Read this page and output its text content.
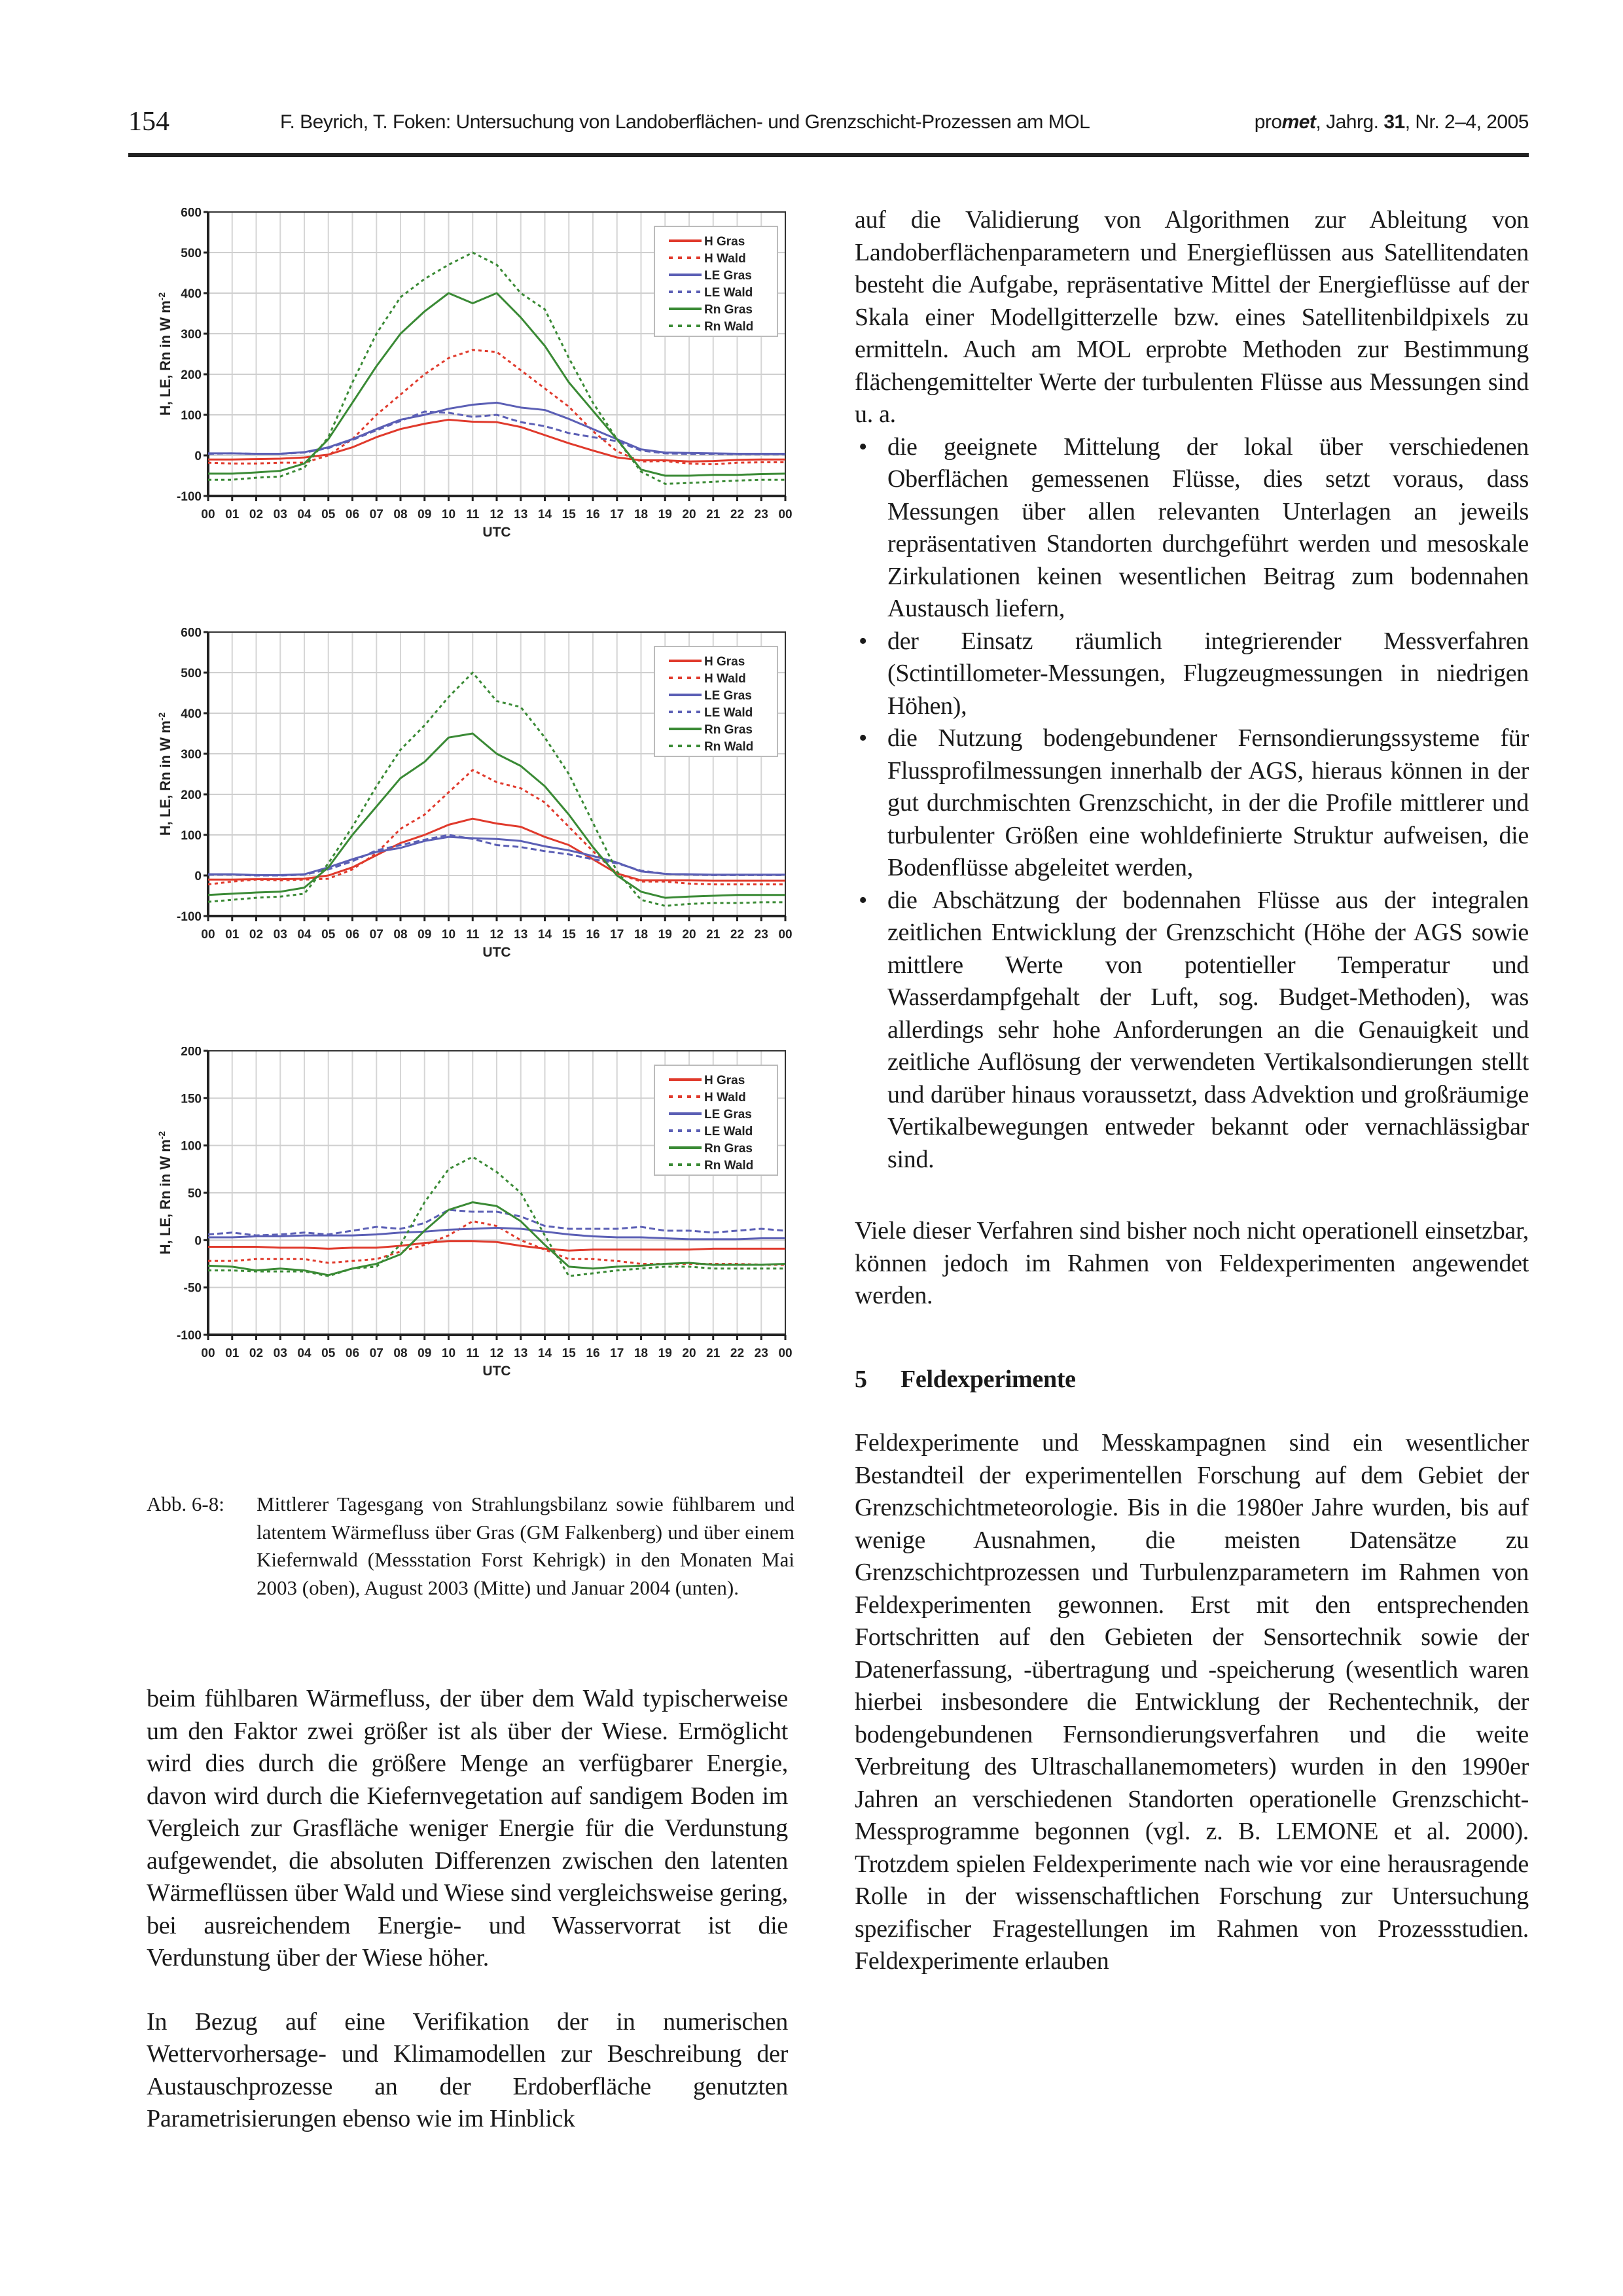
154	F. Beyrich, T. Foken: Untersuchung von Landoberflächen- und Grenzschicht-Prozessen am MOL	promet, Jahrg. 31, Nr. 2–4, 2005
-100
0
100
200
300
400
500
600
00 01 02 03 04 05 06 07 08 09 10 11 12 13 14 15 16 17 18 19 20 21 22 23 00
UTC
H, LE, Rn in W $m^{-2}$
H Gras
H Wald
LE Gras
LE Wald
Rn Gras
Rn Wald
-100
0
100
200
300
400
500
600
00 01 02 03 04 05 06 07 08 09 10 11 12 13 14 15 16 17 18 19 20 21 22 23 00
UTC
H, LE, Rn in W $m^{-2}$
H Gras
H Wald
LE Gras
LE Wald
Rn Gras
Rn Wald
-100
-50
0
50
100
150
200
00 01 02 03 04 05 06 07 08 09 10 11 12 13 14 15 16 17 18 19 20 21 22 23 00
UTC
H, LE, Rn in W $m^{-2}$
H Gras
H Wald
LE Gras
LE Wald
Rn Gras
Rn Wald
Abb. 6-8: Mittlerer Tagesgang von Strahlungsbilanz sowie fühlbarem und latentem Wärmefluss über Gras (GM Falkenberg) und über einem Kiefernwald (Messstation Forst Kehrigk) in den Monaten Mai 2003 (oben), August 2003 (Mitte) und Januar 2004 (unten).

beim fühlbaren Wärmefluss, der über dem Wald typischerweise um den Faktor zwei größer ist als über der Wiese. Ermöglicht wird dies durch die größere Menge an verfügbarer Energie, davon wird durch die Kiefernvegetation auf sandigem Boden im Vergleich zur Grasfläche weniger Energie für die Verdunstung aufgewendet, die absoluten Differenzen zwischen den latenten Wärmeflüssen über Wald und Wiese sind vergleichsweise gering, bei ausreichendem Energie- und Wasservorrat ist die Verdunstung über der Wiese höher.

In Bezug auf eine Verifikation der in numerischen Wettervorhersage- und Klimamodellen zur Beschreibung der Austauschprozesse an der Erdoberfläche genutzten Parametrisierungen ebenso wie im Hinblick

auf die Validierung von Algorithmen zur Ableitung von Landoberflächenparametern und Energieflüssen aus Satellitendaten besteht die Aufgabe, repräsentative Mittel der Energieflüsse auf der Skala einer Modellgitterzelle bzw. eines Satellitenbildpixels zu ermitteln. Auch am MOL erprobte Methoden zur Bestimmung flächengemittelter Werte der turbulenten Flüsse aus Messungen sind u. a.

• die geeignete Mittelung der lokal über verschiedenen Oberflächen gemessenen Flüsse, dies setzt voraus, dass Messungen über allen relevanten Unterlagen an jeweils repräsentativen Standorten durchgeführt werden und mesoskale Zirkulationen keinen wesentlichen Beitrag zum bodennahen Austausch liefern,
• der Einsatz räumlich integrierender Messverfahren (Sctintillometer-Messungen, Flugzeugmessungen in niedrigen Höhen),
• die Nutzung bodengebundener Fernsondierungssysteme für Flussprofilmessungen innerhalb der AGS, hieraus können in der gut durchmischten Grenzschicht, in der die Profile mittlerer und turbulenter Größen eine wohldefinierte Struktur aufweisen, die Bodenflüsse abgeleitet werden,
• die Abschätzung der bodennahen Flüsse aus der integralen zeitlichen Entwicklung der Grenzschicht (Höhe der AGS sowie mittlere Werte von potentieller Temperatur und Wasserdampfgehalt der Luft, sog. Budget-Methoden), was allerdings sehr hohe Anforderungen an die Genauigkeit und zeitliche Auflösung der verwendeten Vertikalsondierungen stellt und darüber hinaus voraussetzt, dass Advektion und großräumige Vertikalbewegungen entweder bekannt oder vernachlässigbar sind.

Viele dieser Verfahren sind bisher noch nicht operationell einsetzbar, können jedoch im Rahmen von Feldexperimenten angewendet werden.

5 Feldexperimente

Feldexperimente und Messkampagnen sind ein wesentlicher Bestandteil der experimentellen Forschung auf dem Gebiet der Grenzschichtmeteorologie. Bis in die 1980er Jahre wurden, bis auf wenige Ausnahmen, die meisten Datensätze zu Grenzschichtprozessen und Turbulenzparametern im Rahmen von Feldexperimenten gewonnen. Erst mit den entsprechenden Fortschritten auf den Gebieten der Sensortechnik sowie der Datenerfassung, -übertragung und -speicherung (wesentlich waren hierbei insbesondere die Entwicklung der Rechentechnik, der bodengebundenen Fernsondierungsverfahren und die weite Verbreitung des Ultraschallanemometers) wurden in den 1990er Jahren an verschiedenen Standorten operationelle Grenzschicht-Messprogramme begonnen (vgl. z. B. LEMONE et al. 2000). Trotzdem spielen Feldexperimente nach wie vor eine herausragende Rolle in der wissenschaftlichen Forschung zur Untersuchung spezifischer Fragestellungen im Rahmen von Prozessstudien. Feldexperimente erlauben
